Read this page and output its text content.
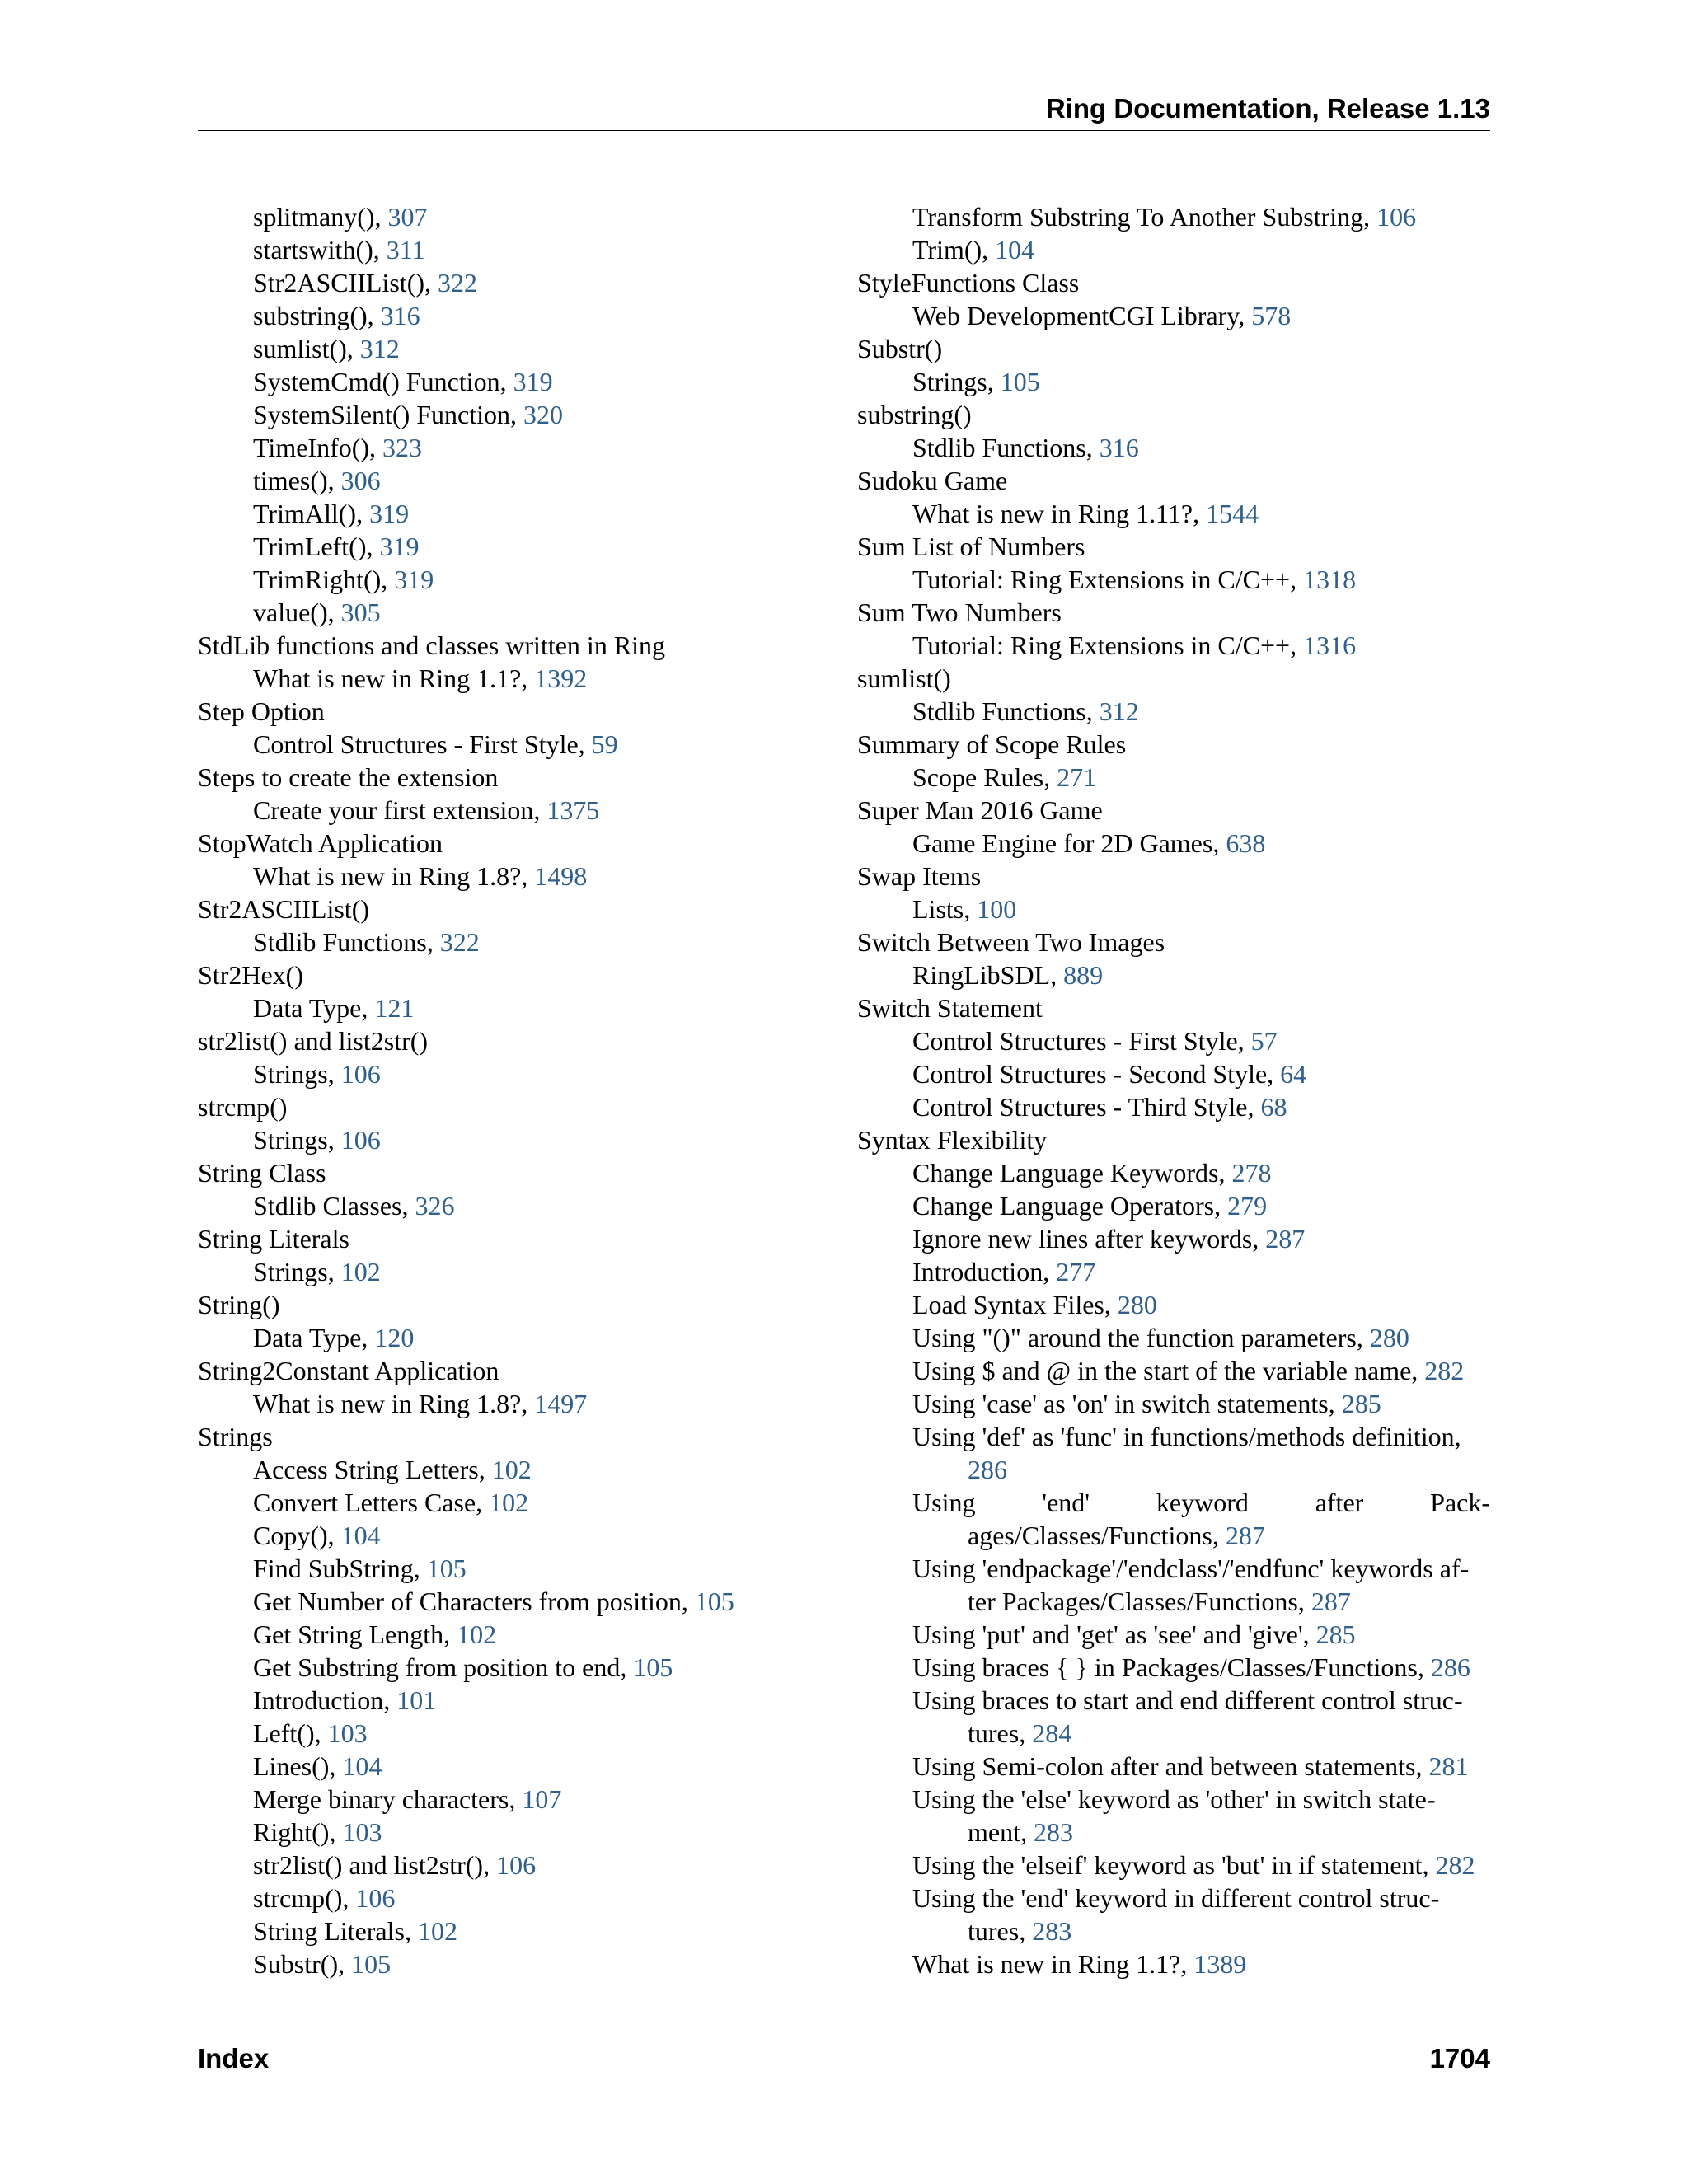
Ring Documentation, Release 1.13
splitmany(), 307
startswith(), 311
Str2ASCIIList(), 322
substring(), 316
sumlist(), 312
SystemCmd() Function, 319
SystemSilent() Function, 320
TimeInfo(), 323
times(), 306
TrimAll(), 319
TrimLeft(), 319
TrimRight(), 319
value(), 305
StdLib functions and classes written in Ring
What is new in Ring 1.1?, 1392
Step Option
Control Structures - First Style, 59
Steps to create the extension
Create your first extension, 1375
StopWatch Application
What is new in Ring 1.8?, 1498
Str2ASCIIList()
Stdlib Functions, 322
Str2Hex()
Data Type, 121
str2list() and list2str()
Strings, 106
strcmp()
Strings, 106
String Class
Stdlib Classes, 326
String Literals
Strings, 102
String()
Data Type, 120
String2Constant Application
What is new in Ring 1.8?, 1497
Strings
Access String Letters, 102
Convert Letters Case, 102
Copy(), 104
Find SubString, 105
Get Number of Characters from position, 105
Get String Length, 102
Get Substring from position to end, 105
Introduction, 101
Left(), 103
Lines(), 104
Merge binary characters, 107
Right(), 103
str2list() and list2str(), 106
strcmp(), 106
String Literals, 102
Substr(), 105
Transform Substring To Another Substring, 106
Trim(), 104
StyleFunctions Class
Web DevelopmentCGI Library, 578
Substr()
Strings, 105
substring()
Stdlib Functions, 316
Sudoku Game
What is new in Ring 1.11?, 1544
Sum List of Numbers
Tutorial: Ring Extensions in C/C++, 1318
Sum Two Numbers
Tutorial: Ring Extensions in C/C++, 1316
sumlist()
Stdlib Functions, 312
Summary of Scope Rules
Scope Rules, 271
Super Man 2016 Game
Game Engine for 2D Games, 638
Swap Items
Lists, 100
Switch Between Two Images
RingLibSDL, 889
Switch Statement
Control Structures - First Style, 57
Control Structures - Second Style, 64
Control Structures - Third Style, 68
Syntax Flexibility
Change Language Keywords, 278
Change Language Operators, 279
Ignore new lines after keywords, 287
Introduction, 277
Load Syntax Files, 280
Using "()" around the function parameters, 280
Using $ and @ in the start of the variable name, 282
Using 'case' as 'on' in switch statements, 285
Using 'def' as 'func' in functions/methods definition,
286
Using 'end' keyword after Pack-
ages/Classes/Functions, 287
Using 'endpackage'/'endclass'/'endfunc' keywords af-
ter Packages/Classes/Functions, 287
Using 'put' and 'get' as 'see' and 'give', 285
Using braces { } in Packages/Classes/Functions, 286
Using braces to start and end different control struc-
tures, 284
Using Semi-colon after and between statements, 281
Using the 'else' keyword as 'other' in switch state-
ment, 283
Using the 'elseif' keyword as 'but' in if statement, 282
Using the 'end' keyword in different control struc-
tures, 283
What is new in Ring 1.1?, 1389
Index	1704
